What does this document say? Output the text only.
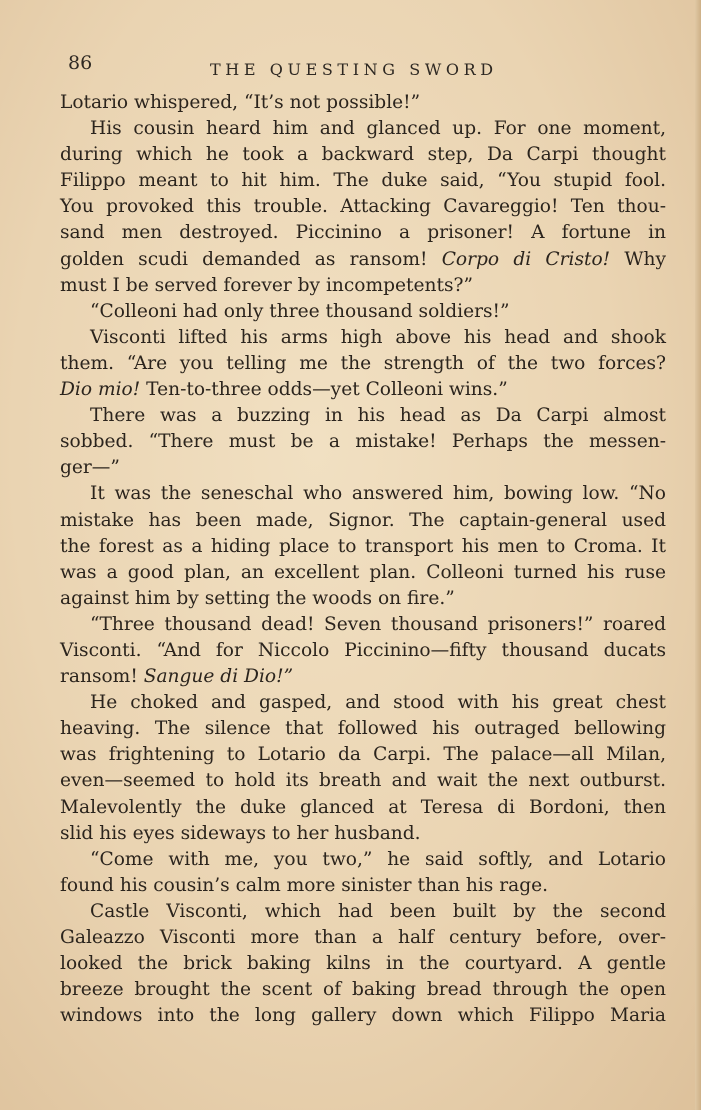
86	THE QUESTING SWORD
Lotario whispered, “It’s not possible!”
His cousin heard him and glanced up. For one moment,
during which he took a backward step, Da Carpi thought
Filippo meant to hit him. The duke said, “You stupid fool.
You provoked this trouble. Attacking Cavareggio! Ten thou-
sand men destroyed. Piccinino a prisoner! A fortune in
golden scudi demanded as ransom! Corpo di Cristo! Why
must I be served forever by incompetents?”
“Colleoni had only three thousand soldiers!”
Visconti lifted his arms high above his head and shook
them. “Are you telling me the strength of the two forces?
Dio mio! Ten-to-three odds—yet Colleoni wins.”
There was a buzzing in his head as Da Carpi almost
sobbed. “There must be a mistake! Perhaps the messen-
ger—”
It was the seneschal who answered him, bowing low. “No
mistake has been made, Signor. The captain-general used
the forest as a hiding place to transport his men to Croma. It
was a good plan, an excellent plan. Colleoni turned his ruse
against him by setting the woods on fire.”
“Three thousand dead! Seven thousand prisoners!” roared
Visconti. “And for Niccolo Piccinino—fifty thousand ducats
ransom! Sangue di Dio!”
He choked and gasped, and stood with his great chest
heaving. The silence that followed his outraged bellowing
was frightening to Lotario da Carpi. The palace—all Milan,
even—seemed to hold its breath and wait the next outburst.
Malevolently the duke glanced at Teresa di Bordoni, then
slid his eyes sideways to her husband.
“Come with me, you two,” he said softly, and Lotario
found his cousin’s calm more sinister than his rage.
Castle Visconti, which had been built by the second
Galeazzo Visconti more than a half century before, over-
looked the brick baking kilns in the courtyard. A gentle
breeze brought the scent of baking bread through the open
windows into the long gallery down which Filippo Maria
